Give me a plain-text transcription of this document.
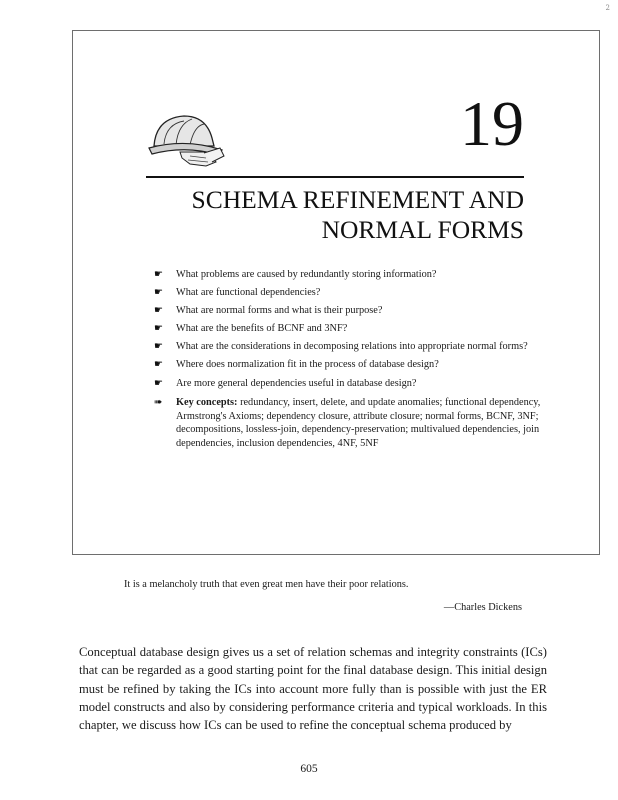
2
19
SCHEMA REFINEMENT AND
NORMAL FORMS
☛ What problems are caused by redundantly storing information?
☛ What are functional dependencies?
☛ What are normal forms and what is their purpose?
☛ What are the benefits of BCNF and 3NF?
☛ What are the considerations in decomposing relations into appropriate normal forms?
☛ Where does normalization fit in the process of database design?
☛ Are more general dependencies useful in database design?
➠ Key concepts: redundancy, insert, delete, and update anomalies; functional dependency, Armstrong's Axioms; dependency closure, attribute closure; normal forms, BCNF, 3NF; decompositions, lossless-join, dependency-preservation; multivalued dependencies, join dependencies, inclusion dependencies, 4NF, 5NF
It is a melancholy truth that even great men have their poor relations.
—Charles Dickens
Conceptual database design gives us a set of relation schemas and integrity constraints (ICs) that can be regarded as a good starting point for the final database design. This initial design must be refined by taking the ICs into account more fully than is possible with just the ER model constructs and also by considering performance criteria and typical workloads. In this chapter, we discuss how ICs can be used to refine the conceptual schema produced by
605
